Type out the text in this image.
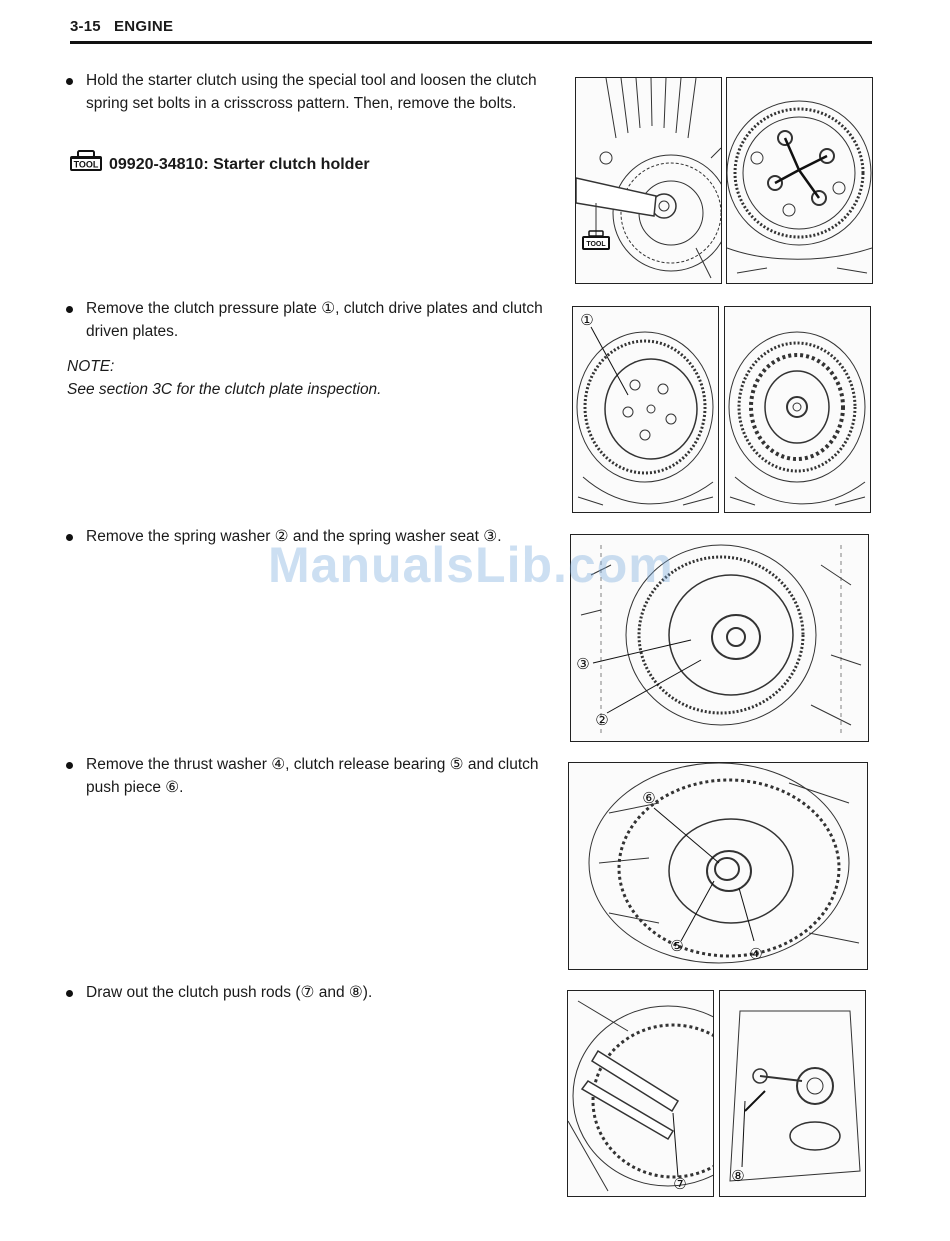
3-15 ENGINE
Hold the starter clutch using the special tool and loosen the clutch spring set bolts in a crisscross pattern. Then, remove the bolts.
TOOL 09920-34810: Starter clutch holder
Remove the clutch pressure plate ①, clutch drive plates and clutch driven plates.
NOTE:
See section 3C for the clutch plate inspection.
Remove the spring washer ② and the spring washer seat ③.
Remove the thrust washer ④, clutch release bearing ⑤ and clutch push piece ⑥.
Draw out the clutch push rods (⑦ and ⑧).
TOOL
①
③
②
⑥
⑤	④
⑦	⑧
ManualsLib.com
